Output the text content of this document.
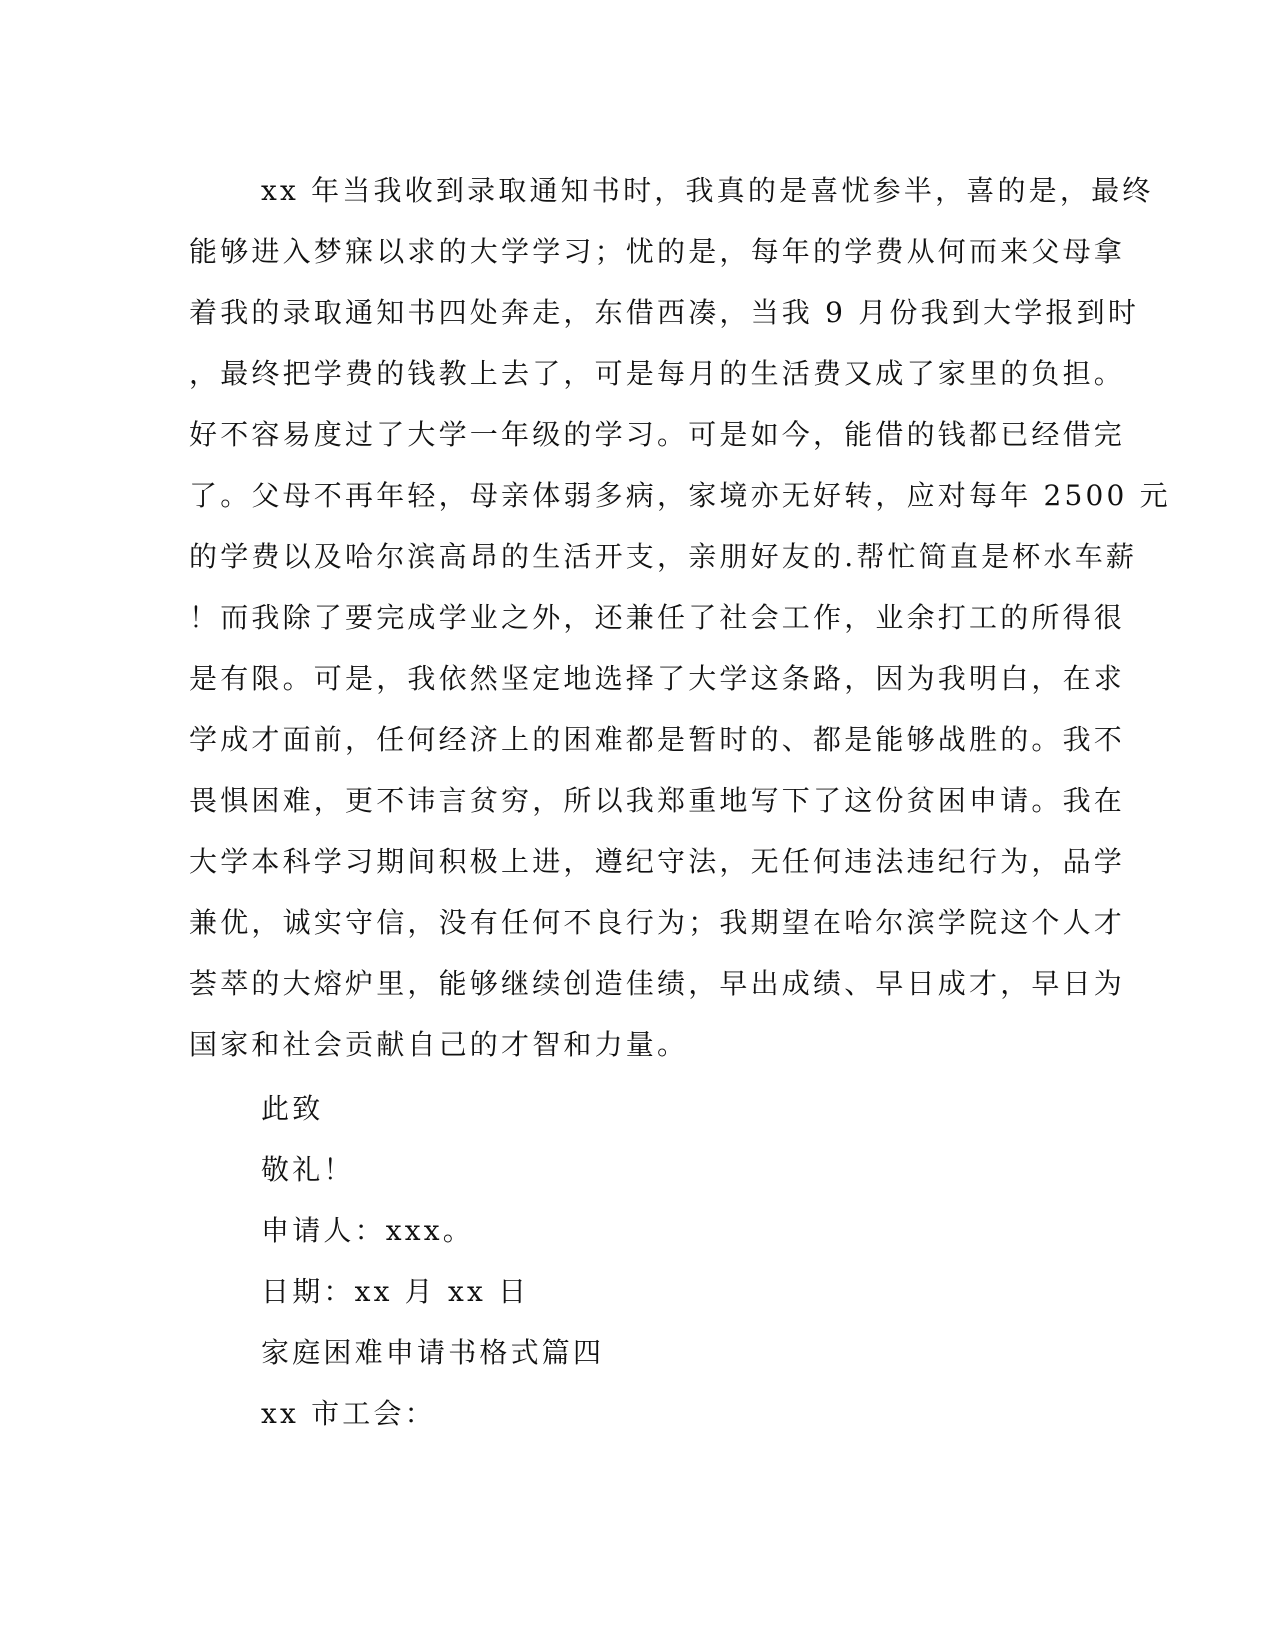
xx 年当我收到录取通知书时，我真的是喜忧参半，喜的是，最终
能够进入梦寐以求的大学学习；忧的是，每年的学费从何而来父母拿
着我的录取通知书四处奔走，东借西凑，当我 9 月份我到大学报到时
，最终把学费的钱教上去了，可是每月的生活费又成了家里的负担。
好不容易度过了大学一年级的学习。可是如今，能借的钱都已经借完
了。父母不再年轻，母亲体弱多病，家境亦无好转，应对每年 2500 元
的学费以及哈尔滨高昂的生活开支，亲朋好友的.帮忙简直是杯水车薪
！而我除了要完成学业之外，还兼任了社会工作，业余打工的所得很
是有限。可是，我依然坚定地选择了大学这条路，因为我明白，在求
学成才面前，任何经济上的困难都是暂时的、都是能够战胜的。我不
畏惧困难，更不讳言贫穷，所以我郑重地写下了这份贫困申请。我在
大学本科学习期间积极上进，遵纪守法，无任何违法违纪行为，品学
兼优，诚实守信，没有任何不良行为；我期望在哈尔滨学院这个人才
荟萃的大熔炉里，能够继续创造佳绩，早出成绩、早日成才，早日为
国家和社会贡献自己的才智和力量。
此致
敬礼！
申请人：xxx。
日期：xx 月 xx 日
家庭困难申请书格式篇四
xx 市工会：
